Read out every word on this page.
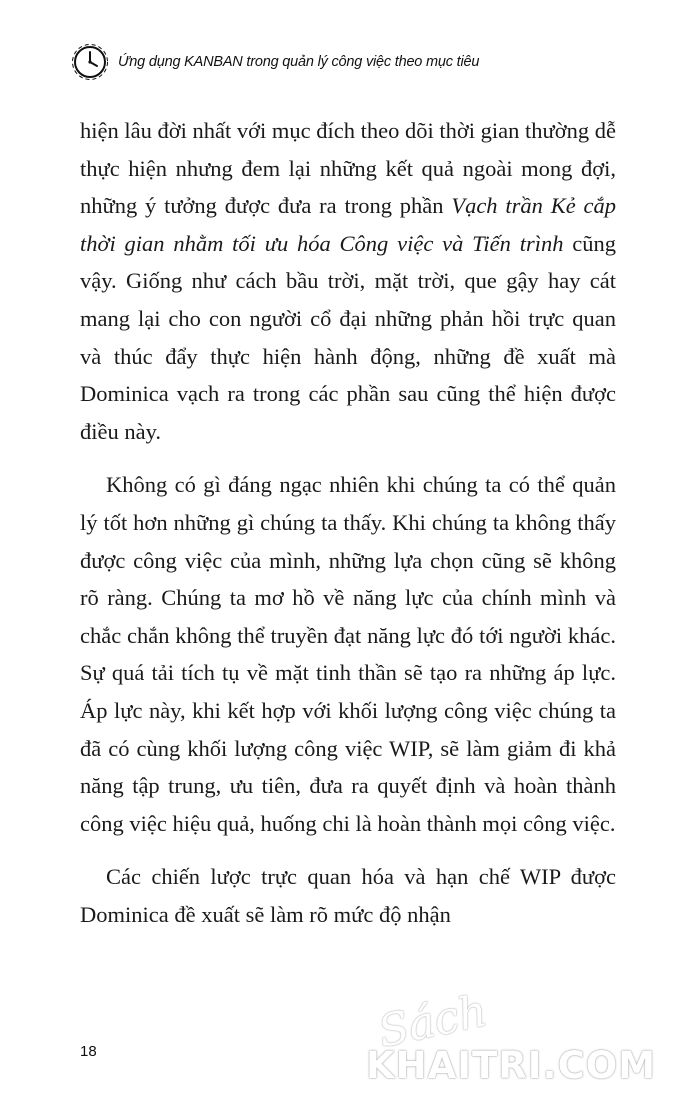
Ứng dụng KANBAN trong quản lý công việc theo mục tiêu

hiện lâu đời nhất với mục đích theo dõi thời gian thường dễ thực hiện nhưng đem lại những kết quả ngoài mong đợi, những ý tưởng được đưa ra trong phần Vạch trần Kẻ cắp thời gian nhằm tối ưu hóa Công việc và Tiến trình cũng vậy. Giống như cách bầu trời, mặt trời, que gậy hay cát mang lại cho con người cổ đại những phản hồi trực quan và thúc đẩy thực hiện hành động, những đề xuất mà Dominica vạch ra trong các phần sau cũng thể hiện được điều này.

Không có gì đáng ngạc nhiên khi chúng ta có thể quản lý tốt hơn những gì chúng ta thấy. Khi chúng ta không thấy được công việc của mình, những lựa chọn cũng sẽ không rõ ràng. Chúng ta mơ hồ về năng lực của chính mình và chắc chắn không thể truyền đạt năng lực đó tới người khác. Sự quá tải tích tụ về mặt tinh thần sẽ tạo ra những áp lực. Áp lực này, khi kết hợp với khối lượng công việc chúng ta đã có cùng khối lượng công việc WIP, sẽ làm giảm đi khả năng tập trung, ưu tiên, đưa ra quyết định và hoàn thành công việc hiệu quả, huống chi là hoàn thành mọi công việc.

Các chiến lược trực quan hóa và hạn chế WIP được Dominica đề xuất sẽ làm rõ mức độ nhận

18	Sách
KHAITRI.COM
